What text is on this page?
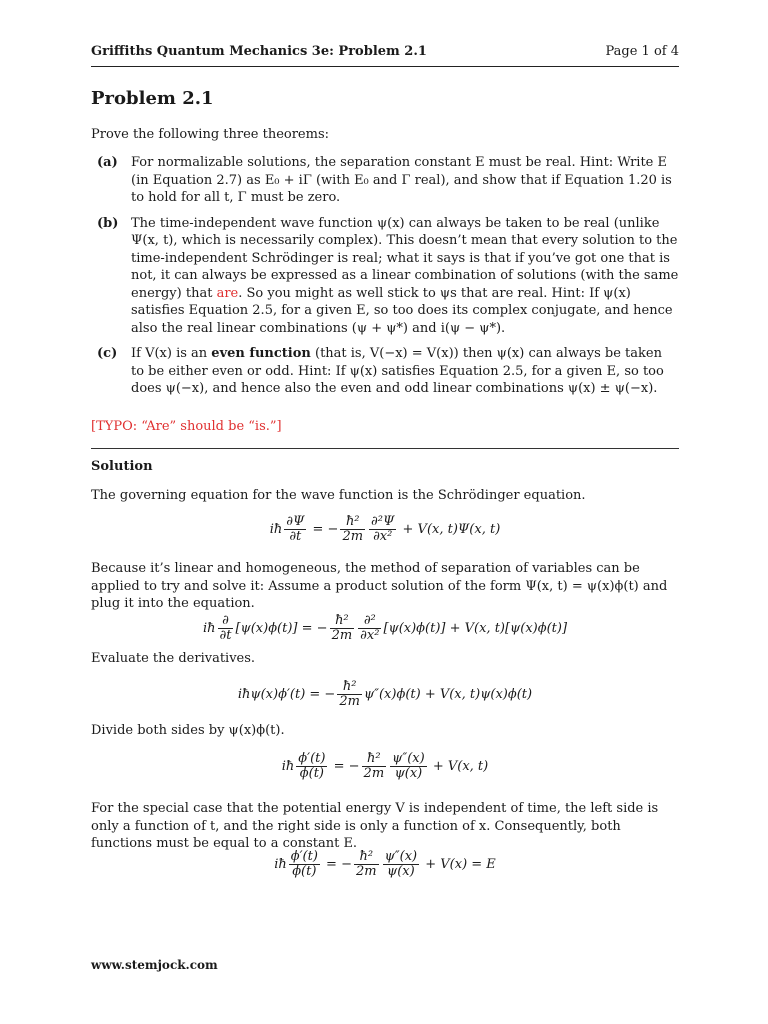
Griffiths Quantum Mechanics 3e: Problem 2.1	Page 1 of 4
Problem 2.1
Prove the following three theorems:
(a)	For normalizable solutions, the separation constant E must be real. Hint: Write E (in Equation 2.7) as E₀ + iΓ (with E₀ and Γ real), and show that if Equation 1.20 is to hold for all t, Γ must be zero.
(b) The time-independent wave function ψ(x) can always be taken to be real (unlike Ψ(x, t), which is necessarily complex). This doesn’t mean that every solution to the time-independent Schrödinger is real; what it says is that if you’ve got one that is not, it can always be expressed as a linear combination of solutions (with the same energy) that are. So you might as well stick to ψs that are real. Hint: If ψ(x) satisfies Equation 2.5, for a given E, so too does its complex conjugate, and hence also the real linear combinations (ψ + ψ*) and i(ψ − ψ*).
(c)	If V(x) is an even function (that is, V(−x) = V(x)) then ψ(x) can always be taken to be either even or odd. Hint: If ψ(x) satisfies Equation 2.5, for a given E, so too does ψ(−x), and hence also the even and odd linear combinations ψ(x) ± ψ(−x).
[TYPO: “Are” should be “is.”]
Solution
The governing equation for the wave function is the Schrödinger equation.
iħ $\frac{\partial\Psi}{\partial t}$ = − $\frac{\text{ħ²}}{2m} \frac{\text{∂²Ψ}}{\text{∂x²}} + V(x$, t)Ψ(x, t)
Because it’s linear and homogeneous, the method of separation of variables can be applied to try and solve it: Assume a product solution of the form Ψ(x, t) = ψ(x)ϕ(t) and plug it into the equation.
iħ $\frac{\partial}{\partial t} [\psi(x)\phi(t)]$ = − $\frac{\text{ħ²}}{2m} \frac{\text{∂²}}{\text{∂x²}} [\psi(x)\phi(t)] + V(x$, t)[ψ(x)ϕ(t)]
Evaluate the derivatives.
iħψ(x)ϕ′(t) = − $\frac{\text{ħ²}}{2m} \psi''(x)\phi(t) + V(x$, t)ψ(x)ϕ(t)
Divide both sides by ψ(x)ϕ(t).
iħ $\frac{\phi'(t)}{\phi(t)}$ = − $\frac{\text{ħ²}}{2m} \frac{\psi''(x)}{\psi(x)} + V(x$, t)
For the special case that the potential energy V is independent of time, the left side is only a function of t, and the right side is only a function of x. Consequently, both functions must be equal to a constant E.
iħ $\frac{\phi'(t)}{\phi(t)}$ = − $\frac{\text{ħ²}}{2m} \frac{\psi''(x)}{\psi(x)} + V(x) = E$
www.stemjock.com
